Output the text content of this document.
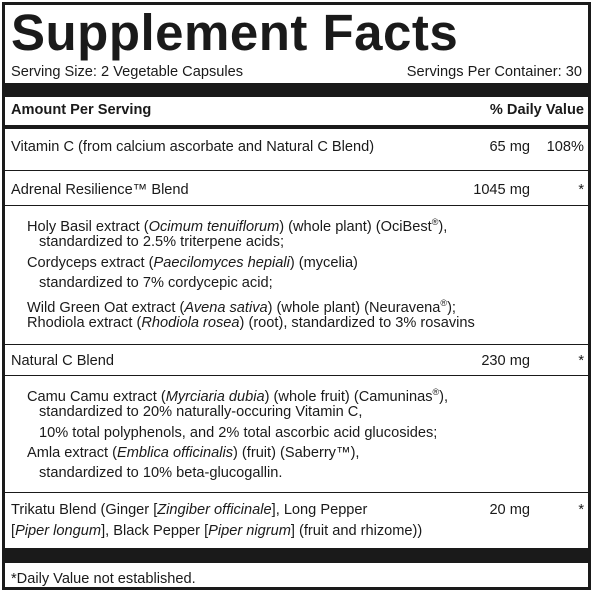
Supplement Facts
Serving Size: 2 Vegetable Capsules	Servings Per Container: 30
Amount Per Serving	% Daily Value
Vitamin C (from calcium ascorbate and Natural C Blend)	65 mg 108%
Adrenal Resilience™ Blend	1045 mg	*
Holy Basil extract (Ocimum tenuiflorum) (whole plant) (OciBest®),
standardized to 2.5% triterpene acids;
Cordyceps extract (Paecilomyces hepiali) (mycelia)
standardized to 7% cordycepic acid;
Wild Green Oat extract (Avena sativa) (whole plant) (Neuravena®);
Rhodiola extract (Rhodiola rosea) (root), standardized to 3% rosavins
Natural C Blend	230 mg	*
Camu Camu extract (Myrciaria dubia) (whole fruit) (Camuninas®),
standardized to 20% naturally-occuring Vitamin C,
10% total polyphenols, and 2% total ascorbic acid glucosides;
Amla extract (Emblica officinalis) (fruit) (Saberry™),
standardized to 10% beta-glucogallin.
Trikatu Blend (Ginger [Zingiber officinale], Long Pepper
[Piper longum], Black Pepper [Piper nigrum] (fruit and rhizome))
20 mg	*
*Daily Value not established.
